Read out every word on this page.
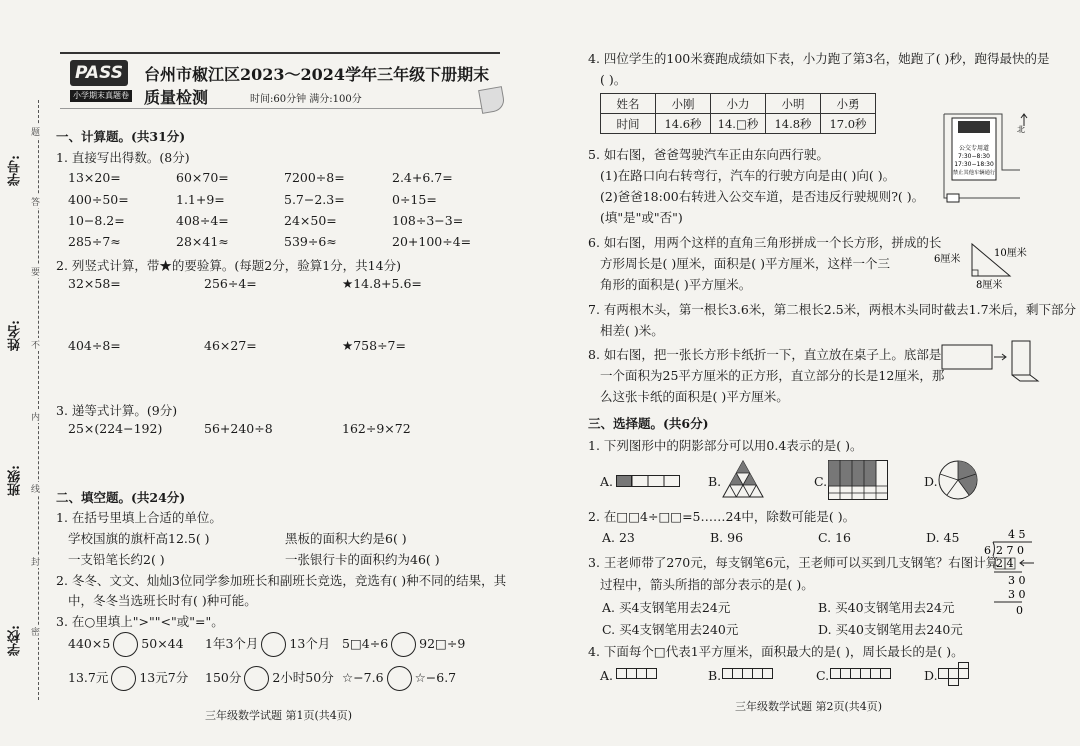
学号:
姓名:
班级:
学校:
题
答
要
不
内
线
封
密
PASS
小学期末真题卷
台州市椒江区2023～2024学年三年级下册期末质量检测	时间:60分钟 满分:100分
一、计算题。(共31分)
1. 直接写出得数。(8分)
13×20=	60×70=	7200÷8=	2.4+6.7=
400÷50=	1.1+9=	5.7−2.3=	0÷15=
10−8.2=	408÷4=	24×50=	108÷3−3=
285÷7≈	28×41≈	539÷6≈	20+100÷4=
2. 列竖式计算，带★的要验算。(每题2分，验算1分，共14分)
32×58=	256÷4=	★14.8+5.6=
404÷8=	46×27=	★758÷7=
3. 递等式计算。(9分)
25×(224−192)	56+240÷8	162÷9×72
二、填空题。(共24分)
1. 在括号里填上合适的单位。
学校国旗的旗杆高12.5( )	黑板的面积大约是6( )
一支铅笔长约2( )	一张银行卡的面积约为46( )
2. 冬冬、文文、灿灿3位同学参加班长和副班长竞选，竞选有( )种不同的结果，其
中，冬冬当选班长时有( )种可能。
3. 在○里填上">""<"或"="。
440×5 50×44 1年3个月 13个月 5□4÷6 92□÷9
13.7元 13元7分 150分 2小时50分 ☆−7.6 ☆−6.7
三年级数学试题 第1页(共4页)
4. 四位学生的100米赛跑成绩如下表，小力跑了第3名，她跑了( )秒，跑得最快的是
( )。
姓名	小刚	小力	小明	小勇
时间	14.6秒	14.□秒	14.8秒	17.0秒
5. 如右图，爸爸驾驶汽车正由东向西行驶。
(1)在路口向右转弯行，汽车的行驶方向是由( )向( )。
(2)爸爸18:00右转进入公交车道，是否违反行驶规则?( )。
(填"是"或"否")
公交专用道
7:30−8:30
17:30−18:30
禁止其他车辆通行
北
6. 如右图，用两个这样的直角三角形拼成一个长方形，拼成的长
方形周长是( )厘米，面积是( )平方厘米，这样一个三
角形的面积是( )平方厘米。
6厘米
10厘米
8厘米
7. 有两根木头，第一根长3.6米，第二根长2.5米，两根木头同时截去1.7米后，剩下部分
相差( )米。
8. 如右图，把一张长方形卡纸折一下，直立放在桌子上。底部是
一个面积为25平方厘米的正方形，直立部分的长是12厘米，那
么这张卡纸的面积是( )平方厘米。
三、选择题。(共6分)
1. 下列图形中的阴影部分可以用0.4表示的是( )。
A.	B.	C.	D.
2. 在□□4÷□□=5……24中，除数可能是( )。
A. 23	B. 96	C. 16	D. 45
3. 王老师带了270元，每支钢笔6元，王老师可以买到几支钢笔？右图计算
过程中，箭头所指的部分表示的是( )。
A. 买4支钢笔用去24元	B. 买40支钢笔用去24元
C. 买4支钢笔用去240元	D. 买40支钢笔用去240元
4 5
6 2 7 0
2 4
3 0
3 0
0
4. 下面每个□代表1平方厘米，面积最大的是( )，周长最长的是( )。
A.	B.	C.	D.
三年级数学试题 第2页(共4页)
